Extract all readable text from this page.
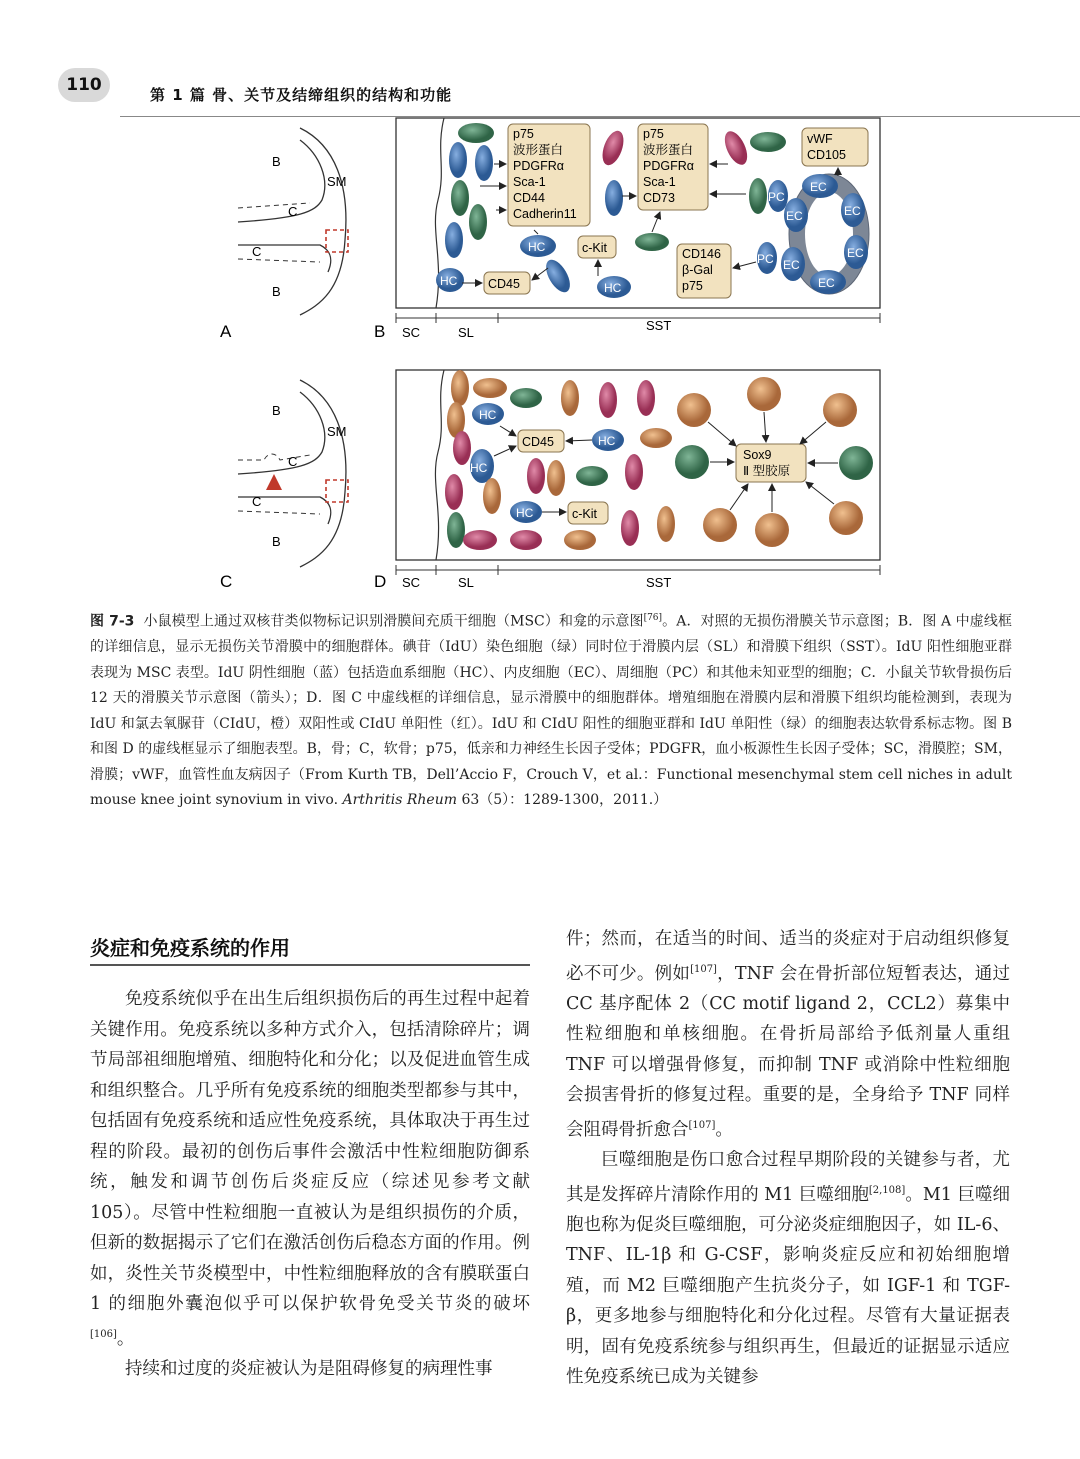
110	第 1 篇 骨、关节及结缔组织的结构和功能
B
SM
C
C
B
A
p75
波形蛋白
PDGFRα
Sca-1
CD44
Cadherin11
p75
波形蛋白
PDGFRα
Sca-1
CD73
vWF
CD105
CD146
β-Gal
p75
CD45
c-Kit
HC
HC
HC
EC
EC	EC
EC
EC
EC
PC
PC
B SC	SL	SST
B
SM
C
C
B
C
CD45
c-Kit
Sox9
Ⅱ 型胶原
HC
HC
HC
HC
D SC	SL	SST
图 7-3 小鼠模型上通过双核苷类似物标记识别滑膜间充质干细胞（MSC）和龛的示意图[76]。A．对照的无损伤滑膜关节示意图；B．图 A 中虚线框的详细信息，显示无损伤关节滑膜中的细胞群体。碘苷（IdU）染色细胞（绿）同时位于滑膜内层（SL）和滑膜下组织（SST）。IdU 阳性细胞亚群表现为 MSC 表型。IdU 阴性细胞（蓝）包括造血系细胞（HC）、内皮细胞（EC）、周细胞（PC）和其他未知亚型的细胞；C．小鼠关节软骨损伤后 12 天的滑膜关节示意图（箭头）；D．图 C 中虚线框的详细信息，显示滑膜中的细胞群体。增殖细胞在滑膜内层和滑膜下组织均能检测到，表现为 IdU 和氯去氧脲苷（CIdU，橙）双阳性或 CIdU 单阳性（红）。IdU 和 CIdU 阳性的细胞亚群和 IdU 单阳性（绿）的细胞表达软骨系标志物。图 B 和图 D 的虚线框显示了细胞表型。B，骨；C，软骨；p75，低亲和力神经生长因子受体；PDGFR，血小板源性生长因子受体；SC，滑膜腔；SM，滑膜；vWF，血管性血友病因子（From Kurth TB，Dell’Accio F，Crouch V，et al.：Functional mesenchymal stem cell niches in adult mouse knee joint synovium in vivo. Arthritis Rheum 63（5）：1289-1300，2011.）
炎症和免疫系统的作用

免疫系统似乎在出生后组织损伤后的再生过程中起着关键作用。免疫系统以多种方式介入，包括清除碎片；调节局部祖细胞增殖、细胞特化和分化；以及促进血管生成和组织整合。几乎所有免疫系统的细胞类型都参与其中，包括固有免疫系统和适应性免疫系统，具体取决于再生过程的阶段。最初的创伤后事件会激活中性粒细胞防御系统，触发和调节创伤后炎症反应（综述见参考文献 105）。尽管中性粒细胞一直被认为是组织损伤的介质，但新的数据揭示了它们在激活创伤后稳态方面的作用。例如，炎性关节炎模型中，中性粒细胞释放的含有膜联蛋白 1 的细胞外囊泡似乎可以保护软骨免受关节炎的破坏[106]。

持续和过度的炎症被认为是阻碍修复的病理性事

件；然而，在适当的时间、适当的炎症对于启动组织修复必不可少。例如[107]，TNF 会在骨折部位短暂表达，通过 CC 基序配体 2（CC motif ligand 2，CCL2）募集中性粒细胞和单核细胞。在骨折局部给予低剂量人重组 TNF 可以增强骨修复，而抑制 TNF 或消除中性粒细胞会损害骨折的修复过程。重要的是，全身给予 TNF 同样会阻碍骨折愈合[107]。

巨噬细胞是伤口愈合过程早期阶段的关键参与者，尤其是发挥碎片清除作用的 M1 巨噬细胞[2,108]。M1 巨噬细胞也称为促炎巨噬细胞，可分泌炎症细胞因子，如 IL-6、TNF、IL-1β 和 G-CSF，影响炎症反应和初始细胞增殖，而 M2 巨噬细胞产生抗炎分子，如 IGF-1 和 TGF-β，更多地参与细胞特化和分化过程。尽管有大量证据表明，固有免疫系统参与组织再生，但最近的证据显示适应性免疫系统已成为关键参
